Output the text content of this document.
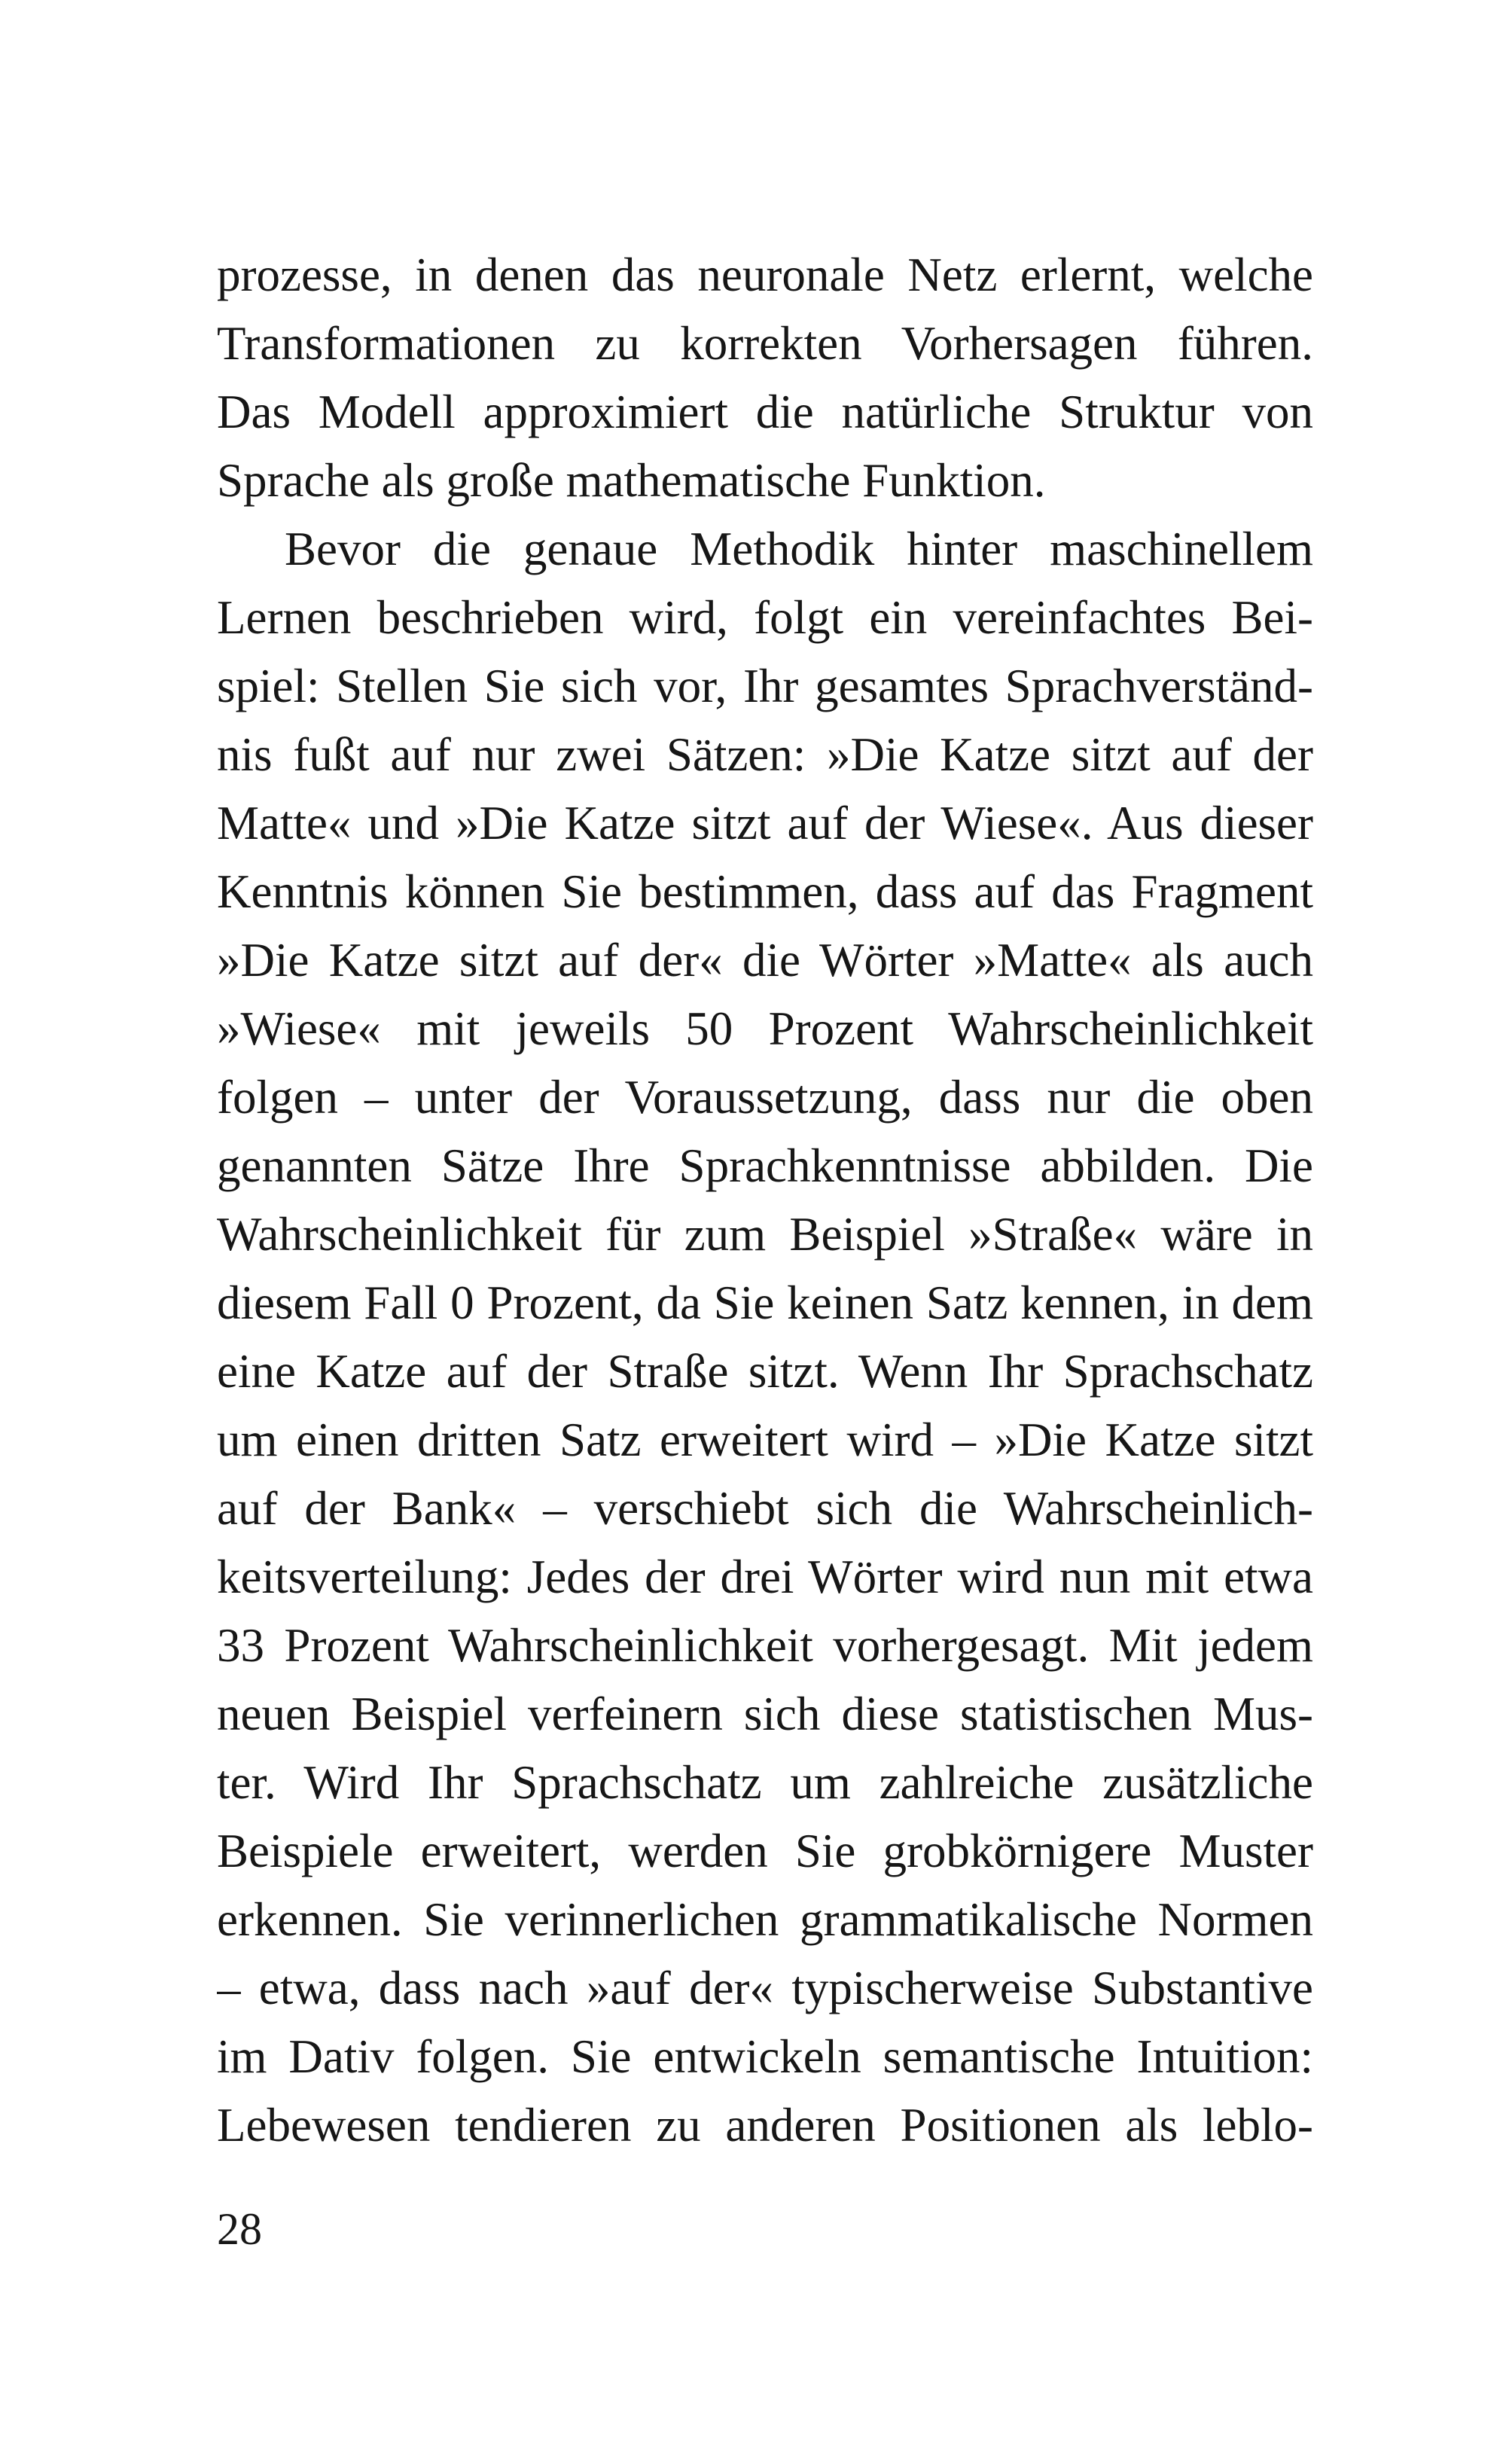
prozesse, in denen das neuronale Netz erlernt, welche
Transformationen zu korrekten Vorhersagen führen.
Das Modell approximiert die natürliche Struktur von
Sprache als große mathematische Funktion.
Bevor die genaue Methodik hinter maschinellem
Lernen beschrieben wird, folgt ein vereinfachtes Bei-
spiel: Stellen Sie sich vor, Ihr gesamtes Sprachverständ-
nis fußt auf nur zwei Sätzen: »Die Katze sitzt auf der
Matte« und »Die Katze sitzt auf der Wiese«. Aus dieser
Kenntnis können Sie bestimmen, dass auf das Fragment
»Die Katze sitzt auf der« die Wörter »Matte« als auch
»Wiese« mit jeweils 50 Prozent Wahrscheinlichkeit
folgen – unter der Voraussetzung, dass nur die oben
genannten Sätze Ihre Sprachkenntnisse abbilden. Die
Wahrscheinlichkeit für zum Beispiel »Straße« wäre in
diesem Fall 0 Prozent, da Sie keinen Satz kennen, in dem
eine Katze auf der Straße sitzt. Wenn Ihr Sprachschatz
um einen dritten Satz erweitert wird – »Die Katze sitzt
auf der Bank« – verschiebt sich die Wahrscheinlich-
keitsverteilung: Jedes der drei Wörter wird nun mit etwa
33 Prozent Wahrscheinlichkeit vorhergesagt. Mit jedem
neuen Beispiel verfeinern sich diese statistischen Mus-
ter. Wird Ihr Sprachschatz um zahlreiche zusätzliche
Beispiele erweitert, werden Sie grobkörnigere Muster
erkennen. Sie verinnerlichen grammatikalische Normen
– etwa, dass nach »auf der« typischerweise Substantive
im Dativ folgen. Sie entwickeln semantische Intuition:
Lebewesen tendieren zu anderen Positionen als leblo-
28
